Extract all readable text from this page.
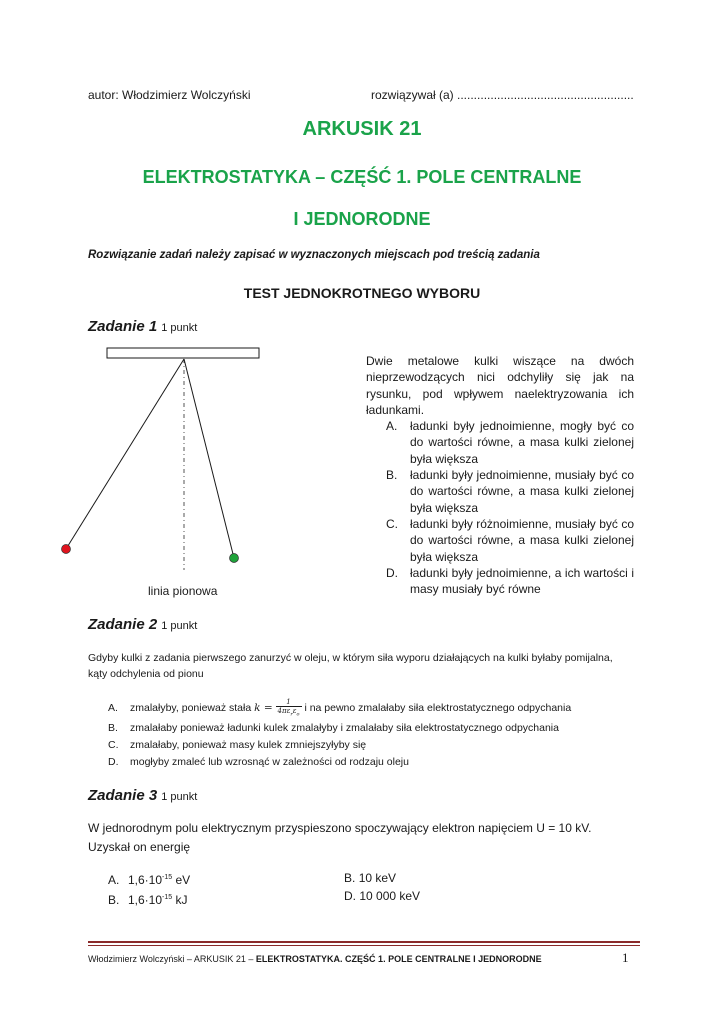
autor: Włodzimierz Wolczyński	rozwiązywał (a) .....................................................
ARKUSIK 21
ELEKTROSTATYKA – CZĘŚĆ 1. POLE CENTRALNE
I JEDNORODNE
Rozwiązanie zadań należy zapisać w wyznaczonych miejscach pod treścią zadania
TEST JEDNOKROTNEGO WYBORU
Zadanie 1 1 punkt
linia pionowa
Dwie metalowe kulki wiszące na dwóch nieprzewodzących nici odchyliły się jak na rysunku, pod wpływem naelektryzowania ich ładunkami.
A. ładunki były jednoimienne, mogły być co do wartości równe, a masa kulki zielonej była większa
B. ładunki były jednoimienne, musiały być co do wartości równe, a masa kulki zielonej była większa
C. ładunki były różnoimienne, musiały być co do wartości równe, a masa kulki zielonej była większa
D. ładunki były jednoimienne, a ich wartości i masy musiały być równe
Zadanie 2 1 punkt
Gdyby kulki z zadania pierwszego zanurzyć w oleju, w którym siła wyporu działających na kulki byłaby pomijalna, kąty odchylenia od pionu
A. zmalałyby, ponieważ stała $k = \frac{1}{4\pi\varepsilon_r\varepsilon_o}$ i na pewno zmalałaby siła elektrostatycznego odpychania
B. zmalałaby ponieważ ładunki kulek zmalałyby i zmalałaby siła elektrostatycznego odpychania
C. zmalałaby, ponieważ masy kulek zmniejszyłyby się
D. mogłyby zmaleć lub wzrosnąć w zależności od rodzaju oleju
Zadanie 3 1 punkt
W jednorodnym polu elektrycznym przyspieszono spoczywający elektron napięciem U = 10 kV.
Uzyskał on energię
A. $1,6\cdot 10^{-15}$ eV
B. $1,6\cdot 10^{-15}$ kJ
B. 10 keV
D. 10 000 keV
Włodzimierz Wolczyński – ARKUSIK 21 – ELEKTROSTATYKA. CZĘŚĆ 1. POLE CENTRALNE I JEDNORODNE	1
